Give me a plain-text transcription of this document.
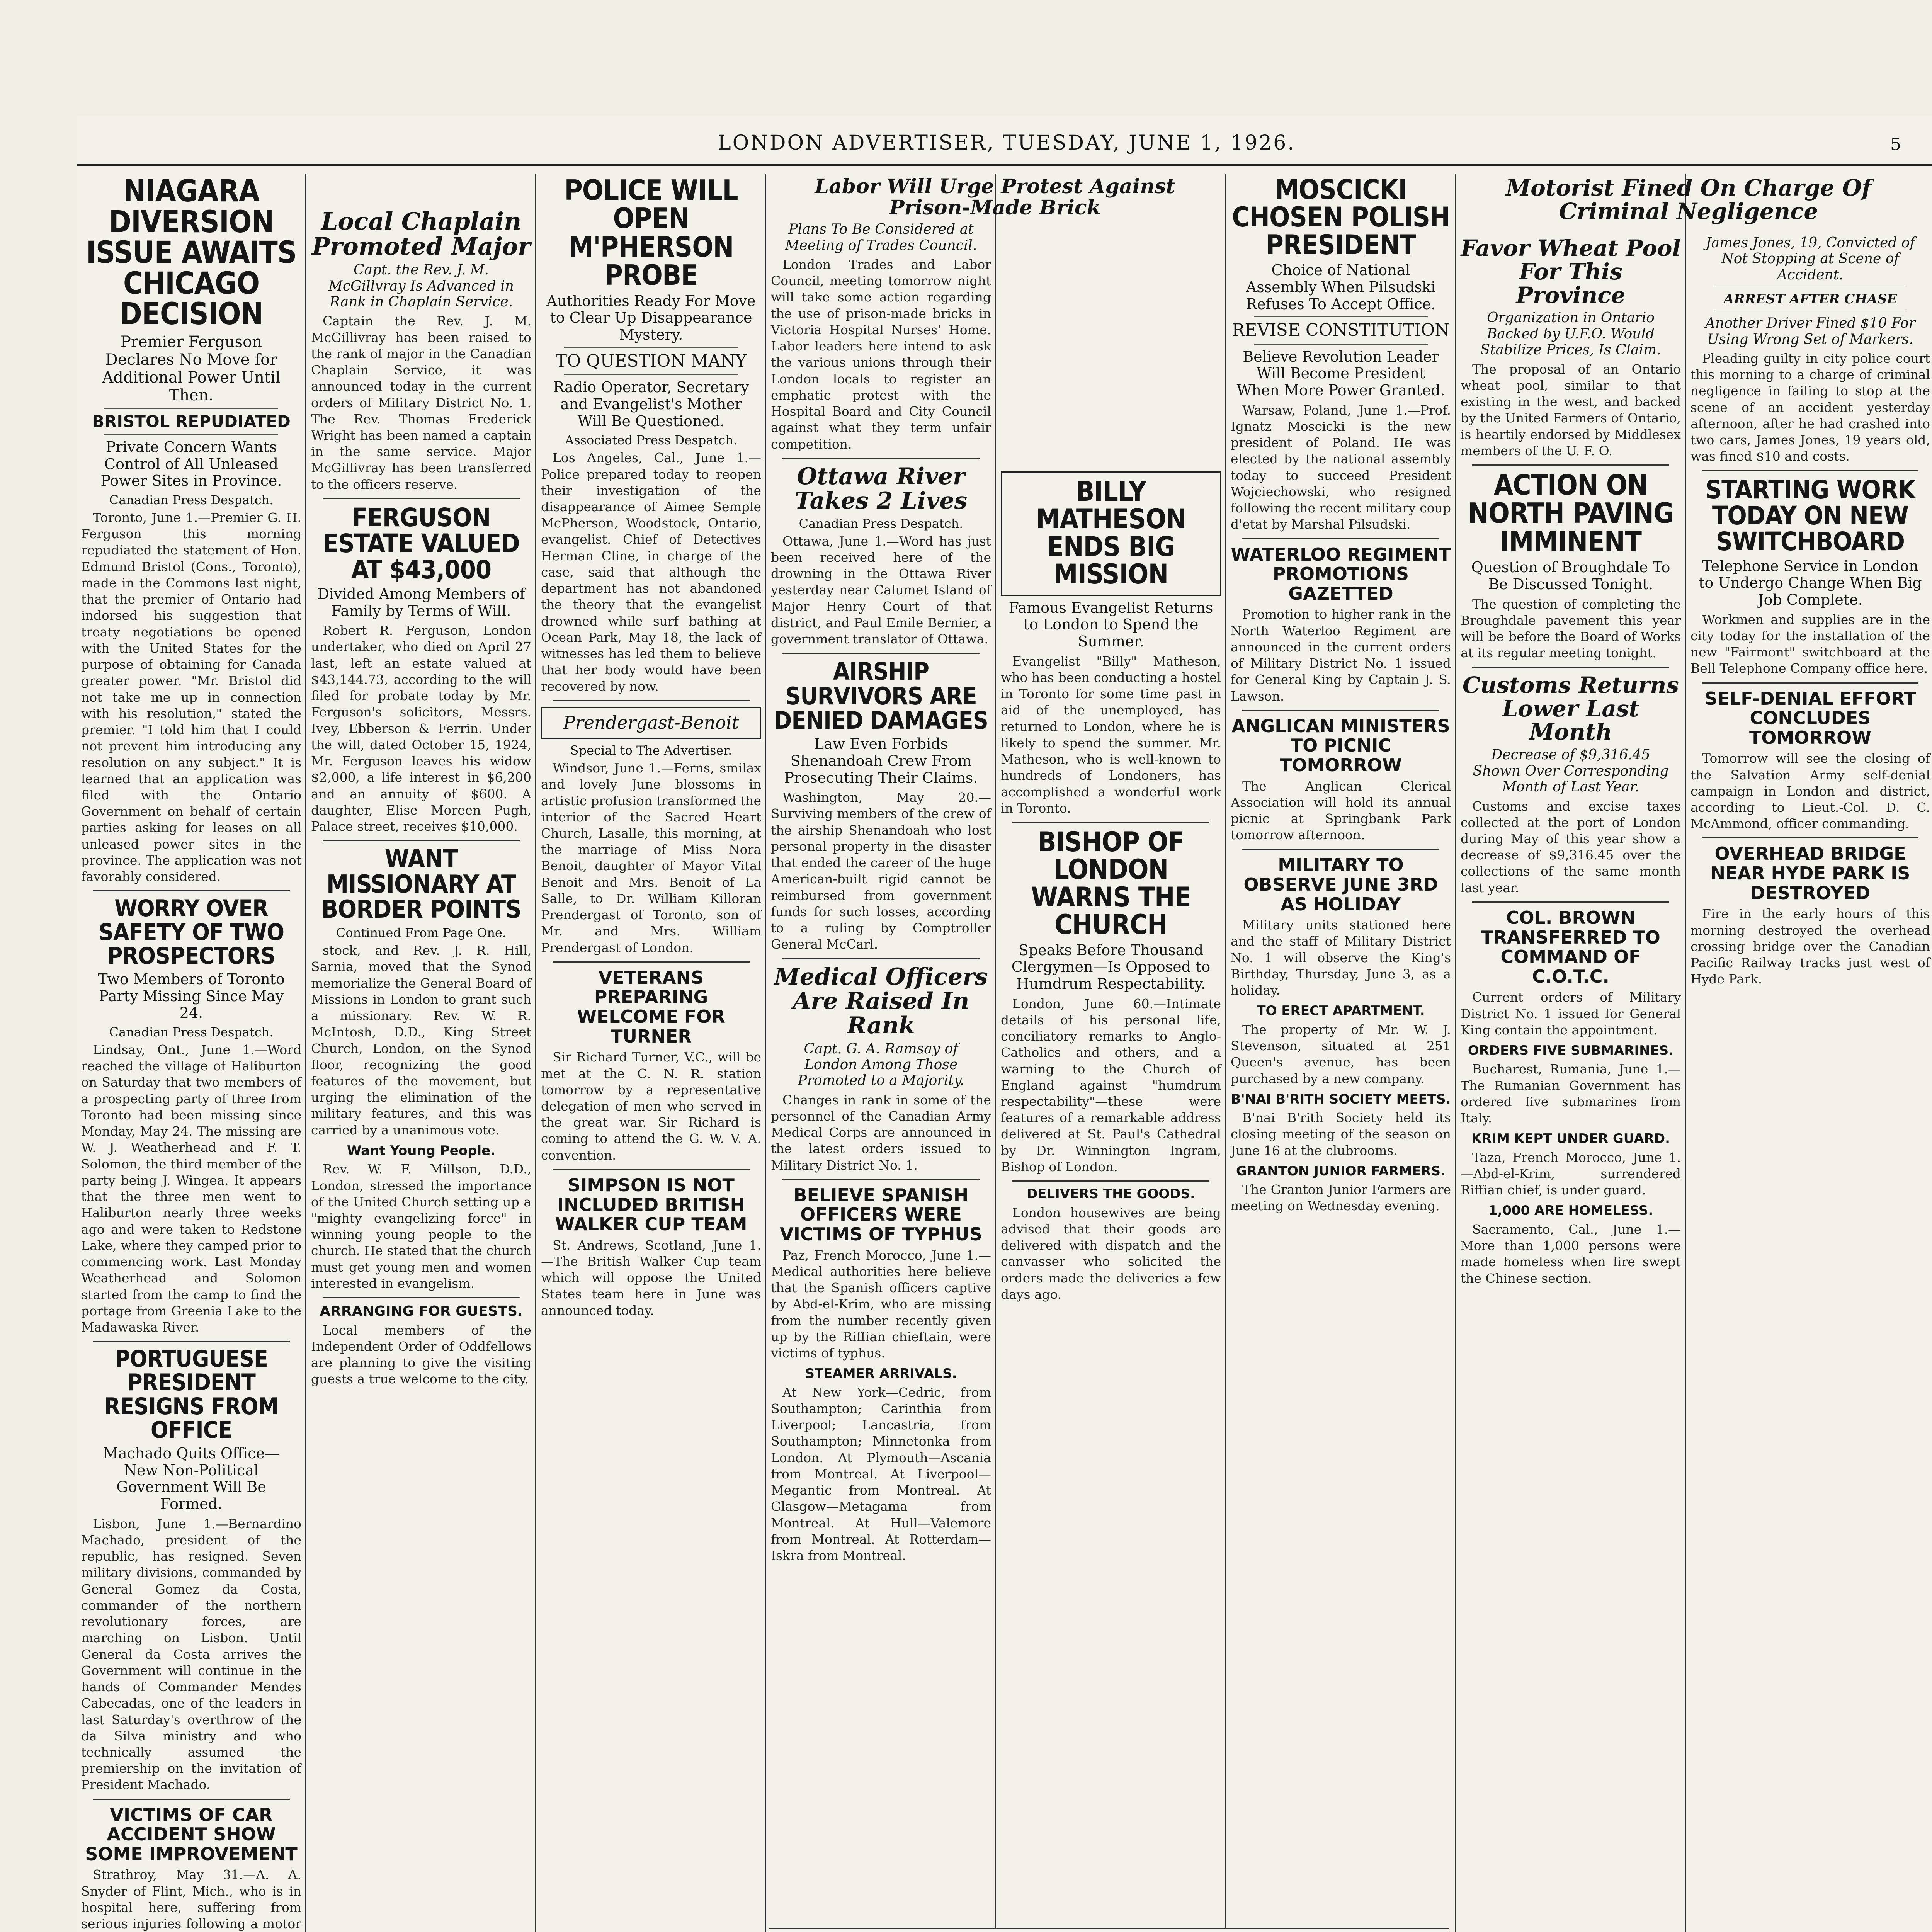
LONDON ADVERTISER, TUESDAY, JUNE 1, 1926.	5
NIAGARA DIVERSION ISSUE AWAITS CHICAGO DECISION
Premier Ferguson Declares No Move for Additional Power Until Then.
BRISTOL REPUDIATED
Private Concern Wants Control of All Unleased Power Sites in Province.
Canadian Press Despatch.
Toronto, June 1.—Premier G. H. Ferguson this morning repudiated the statement of Hon. Edmund Bristol (Cons., Toronto), made in the Commons last night, that the premier of Ontario had indorsed his suggestion that treaty negotiations be opened with the United States for the purpose of obtaining for Canada greater power. "Mr. Bristol did not take me up in connection with his resolution," stated the premier. "I told him that I could not prevent him introducing any resolution on any subject." It is learned that an application was filed with the Ontario Government on behalf of certain parties asking for leases on all unleased power sites in the province. The application was not favorably considered.
WORRY OVER SAFETY OF TWO PROSPECTORS
Two Members of Toronto Party Missing Since May 24.
Canadian Press Despatch.
Lindsay, Ont., June 1.—Word reached the village of Haliburton on Saturday that two members of a prospecting party of three from Toronto had been missing since Monday, May 24. The missing are W. J. Weatherhead and F. T. Solomon, the third member of the party being J. Wingea. It appears that the three men went to Haliburton nearly three weeks ago and were taken to Redstone Lake, where they camped prior to commencing work. Last Monday Weatherhead and Solomon started from the camp to find the portage from Greenia Lake to the Madawaska River.
PORTUGUESE PRESIDENT RESIGNS FROM OFFICE
Machado Quits Office—New Non-Political Government Will Be Formed.
Lisbon, June 1.—Bernardino Machado, president of the republic, has resigned. Seven military divisions, commanded by General Gomez da Costa, commander of the northern revolutionary forces, are marching on Lisbon. Until General da Costa arrives the Government will continue in the hands of Commander Mendes Cabecadas, one of the leaders in last Saturday's overthrow of the da Silva ministry and who technically assumed the premiership on the invitation of President Machado.
VICTIMS OF CAR ACCIDENT SHOW SOME IMPROVEMENT
Strathroy, May 31.—A. A. Snyder of Flint, Mich., who is in hospital here, suffering from serious injuries following a motor
Local Chaplain Promoted Major
Capt. the Rev. J. M. McGillvray Is Advanced in Rank in Chaplain Service.
Captain the Rev. J. M. McGillivray has been raised to the rank of major in the Canadian Chaplain Service, it was announced today in the current orders of Military District No. 1. The Rev. Thomas Frederick Wright has been named a captain in the same service. Major McGillivray has been transferred to the officers reserve.
FERGUSON ESTATE VALUED AT $43,000
Divided Among Members of Family by Terms of Will.
Robert R. Ferguson, London undertaker, who died on April 27 last, left an estate valued at $43,144.73, according to the will filed for probate today by Mr. Ferguson's solicitors, Messrs. Ivey, Ebberson & Ferrin. Under the will, dated October 15, 1924, Mr. Ferguson leaves his widow $2,000, a life interest in $6,200 and an annuity of $600. A daughter, Elise Moreen Pugh, Palace street, receives $10,000.
WANT MISSIONARY AT BORDER POINTS
Continued From Page One.
stock, and Rev. J. R. Hill, Sarnia, moved that the Synod memorialize the General Board of Missions in London to grant such a missionary. Rev. W. R. McIntosh, D.D., King Street Church, London, on the Synod floor, recognizing the good features of the movement, but urging the elimination of the military features, and this was carried by a unanimous vote.
Want Young People.
Rev. W. F. Millson, D.D., London, stressed the importance of the United Church setting up a "mighty evangelizing force" in winning young people to the church. He stated that the church must get young men and women interested in evangelism.
ARRANGING FOR GUESTS.
Local members of the Independent Order of Oddfellows are planning to give the visiting guests a true welcome to the city.
POLICE WILL OPEN M'PHERSON PROBE
Authorities Ready For Move to Clear Up Disappearance Mystery.
TO QUESTION MANY
Radio Operator, Secretary and Evangelist's Mother Will Be Questioned.
Associated Press Despatch.
Los Angeles, Cal., June 1.—Police prepared today to reopen their investigation of the disappearance of Aimee Semple McPherson, Woodstock, Ontario, evangelist. Chief of Detectives Herman Cline, in charge of the case, said that although the department has not abandoned the theory that the evangelist drowned while surf bathing at Ocean Park, May 18, the lack of witnesses has led them to believe that her body would have been recovered by now.
Prendergast-Benoit
Special to The Advertiser.
Windsor, June 1.—Ferns, smilax and lovely June blossoms in artistic profusion transformed the interior of the Sacred Heart Church, Lasalle, this morning, at the marriage of Miss Nora Benoit, daughter of Mayor Vital Benoit and Mrs. Benoit of La Salle, to Dr. William Killoran Prendergast of Toronto, son of Mr. and Mrs. William Prendergast of London.
VETERANS PREPARING WELCOME FOR TURNER
Sir Richard Turner, V.C., will be met at the C. N. R. station tomorrow by a representative delegation of men who served in the great war. Sir Richard is coming to attend the G. W. V. A. convention.
SIMPSON IS NOT INCLUDED BRITISH WALKER CUP TEAM
St. Andrews, Scotland, June 1.—The British Walker Cup team which will oppose the United States team here in June was announced today.
Labor Will Urge Protest Against Prison-Made Brick
Plans To Be Considered at Meeting of Trades Council.
London Trades and Labor Council, meeting tomorrow night will take some action regarding the use of prison-made bricks in Victoria Hospital Nurses' Home. Labor leaders here intend to ask the various unions through their London locals to register an emphatic protest with the Hospital Board and City Council against what they term unfair competition.
Ottawa River Takes 2 Lives
Canadian Press Despatch.
Ottawa, June 1.—Word has just been received here of the drowning in the Ottawa River yesterday near Calumet Island of Major Henry Court of that district, and Paul Emile Bernier, a government translator of Ottawa.
AIRSHIP SURVIVORS ARE DENIED DAMAGES
Law Even Forbids Shenandoah Crew From Prosecuting Their Claims.
Washington, May 20.—Surviving members of the crew of the airship Shenandoah who lost personal property in the disaster that ended the career of the huge American-built rigid cannot be reimbursed from government funds for such losses, according to a ruling by Comptroller General McCarl.
Medical Officers Are Raised In Rank
Capt. G. A. Ramsay of London Among Those Promoted to a Majority.
Changes in rank in some of the personnel of the Canadian Army Medical Corps are announced in the latest orders issued to Military District No. 1.
BELIEVE SPANISH OFFICERS WERE VICTIMS OF TYPHUS
Paz, French Morocco, June 1.—Medical authorities here believe that the Spanish officers captive by Abd-el-Krim, who are missing from the number recently given up by the Riffian chieftain, were victims of typhus.
STEAMER ARRIVALS.
At New York—Cedric, from Southampton; Carinthia from Liverpool; Lancastria, from Southampton; Minnetonka from London. At Plymouth—Ascania from Montreal. At Liverpool—Megantic from Montreal. At Glasgow—Metagama from Montreal. At Hull—Valemore from Montreal. At Rotterdam—Iskra from Montreal.
BILLY MATHESON ENDS BIG MISSION
Famous Evangelist Returns to London to Spend the Summer.
Evangelist "Billy" Matheson, who has been conducting a hostel in Toronto for some time past in aid of the unemployed, has returned to London, where he is likely to spend the summer. Mr. Matheson, who is well-known to hundreds of Londoners, has accomplished a wonderful work in Toronto.
BISHOP OF LONDON WARNS THE CHURCH
Speaks Before Thousand Clergymen—Is Opposed to Humdrum Respectability.
London, June 60.—Intimate details of his personal life, conciliatory remarks to Anglo-Catholics and others, and a warning to the Church of England against "humdrum respectability"—these were features of a remarkable address delivered at St. Paul's Cathedral by Dr. Winnington Ingram, Bishop of London.
DELIVERS THE GOODS.
London housewives are being advised that their goods are delivered with dispatch and the canvasser who solicited the orders made the deliveries a few days ago.
MOSCICKI CHOSEN POLISH PRESIDENT
Choice of National Assembly When Pilsudski Refuses To Accept Office.
REVISE CONSTITUTION
Believe Revolution Leader Will Become President When More Power Granted.
Warsaw, Poland, June 1.—Prof. Ignatz Moscicki is the new president of Poland. He was elected by the national assembly today to succeed President Wojciechowski, who resigned following the recent military coup d'etat by Marshal Pilsudski.
WATERLOO REGIMENT PROMOTIONS GAZETTED
Promotion to higher rank in the North Waterloo Regiment are announced in the current orders of Military District No. 1 issued for General King by Captain J. S. Lawson.
ANGLICAN MINISTERS TO PICNIC TOMORROW
The Anglican Clerical Association will hold its annual picnic at Springbank Park tomorrow afternoon.
MILITARY TO OBSERVE JUNE 3RD AS HOLIDAY
Military units stationed here and the staff of Military District No. 1 will observe the King's Birthday, Thursday, June 3, as a holiday.
TO ERECT APARTMENT.
The property of Mr. W. J. Stevenson, situated at 251 Queen's avenue, has been purchased by a new company.
B'NAI B'RITH SOCIETY MEETS.
B'nai B'rith Society held its closing meeting of the season on June 16 at the clubrooms.
GRANTON JUNIOR FARMERS.
The Granton Junior Farmers are meeting on Wednesday evening.
Motorist Fined On Charge Of Criminal Negligence
Favor Wheat Pool For This Province
Organization in Ontario Backed by U.F.O. Would Stabilize Prices, Is Claim.
The proposal of an Ontario wheat pool, similar to that existing in the west, and backed by the United Farmers of Ontario, is heartily endorsed by Middlesex members of the U. F. O.
ACTION ON NORTH PAVING IMMINENT
Question of Broughdale To Be Discussed Tonight.
The question of completing the Broughdale pavement this year will be before the Board of Works at its regular meeting tonight.
Customs Returns Lower Last Month
Decrease of $9,316.45 Shown Over Corresponding Month of Last Year.
Customs and excise taxes collected at the port of London during May of this year show a decrease of $9,316.45 over the collections of the same month last year.
COL. BROWN TRANSFERRED TO COMMAND OF C.O.T.C.
Current orders of Military District No. 1 issued for General King contain the appointment.
ORDERS FIVE SUBMARINES.
Bucharest, Rumania, June 1.—The Rumanian Government has ordered five submarines from Italy.
KRIM KEPT UNDER GUARD.
Taza, French Morocco, June 1.—Abd-el-Krim, surrendered Riffian chief, is under guard.
1,000 ARE HOMELESS.
Sacramento, Cal., June 1.—More than 1,000 persons were made homeless when fire swept the Chinese section.
James Jones, 19, Convicted of Not Stopping at Scene of Accident.
ARREST AFTER CHASE
Another Driver Fined $10 For Using Wrong Set of Markers.
Pleading guilty in city police court this morning to a charge of criminal negligence in failing to stop at the scene of an accident yesterday afternoon, after he had crashed into two cars, James Jones, 19 years old, was fined $10 and costs.
STARTING WORK TODAY ON NEW SWITCHBOARD
Telephone Service in London to Undergo Change When Big Job Complete.
Workmen and supplies are in the city today for the installation of the new "Fairmont" switchboard at the Bell Telephone Company office here.
SELF-DENIAL EFFORT CONCLUDES TOMORROW
Tomorrow will see the closing of the Salvation Army self-denial campaign in London and district, according to Lieut.-Col. D. C. McAmmond, officer commanding.
OVERHEAD BRIDGE NEAR HYDE PARK IS DESTROYED
Fire in the early hours of this morning destroyed the overhead crossing bridge over the Canadian Pacific Railway tracks just west of Hyde Park.
